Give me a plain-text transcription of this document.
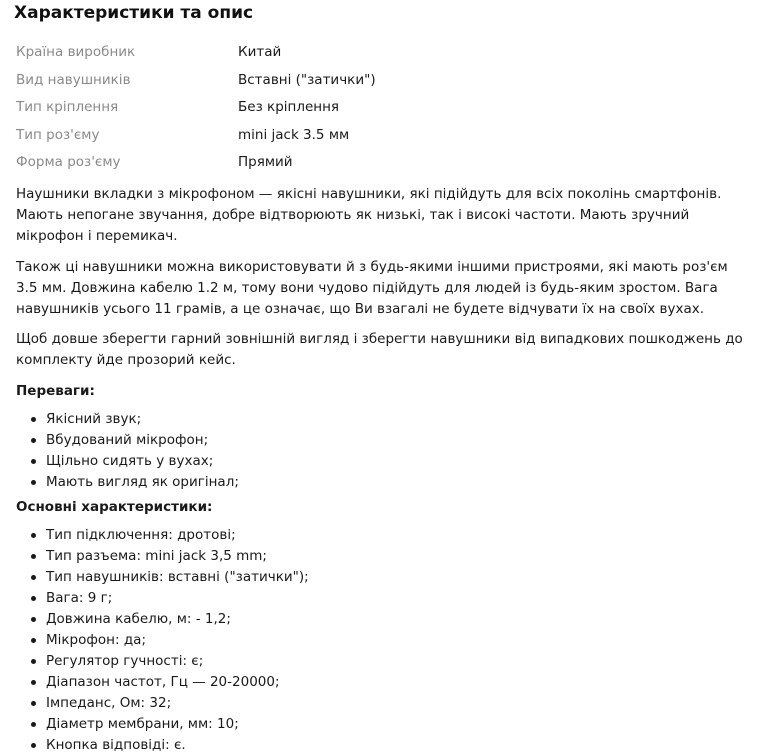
Характеристики та опис
Країна виробник	Китай
Вид навушників	Вставні ("затички")
Тип кріплення	Без кріплення
Тип роз'єму	mini jack 3.5 мм
Форма роз'єму	Прямий

Наушники вкладки з мікрофоном — якісні навушники, які підійдуть для всіх поколінь смартфонів. Мають непогане звучання, добре відтворюють як низькі, так і високі частоти. Мають зручний мікрофон і перемикач.

Також ці навушники можна використовувати й з будь-якими іншими пристроями, які мають роз'єм 3.5 мм. Довжина кабелю 1.2 м, тому вони чудово підійдуть для людей із будь-яким зростом. Вага навушників усього 11 грамів, а це означає, що Ви взагалі не будете відчувати їх на своїх вухах.

Щоб довше зберегти гарний зовнішній вигляд і зберегти навушники від випадкових пошкоджень до комплекту йде прозорий кейс.

Переваги:
Якісний звук;
Вбудований мікрофон;
Щільно сидять у вухах;
Мають вигляд як оригінал;
Основні характеристики:
Тип підключення: дротові;
Тип разъема: mini jack 3,5 mm;
Тип навушників: вставні ("затички");
Вага: 9 г;
Довжина кабелю, м: - 1,2;
Мікрофон: да;
Регулятор гучності: є;
Діапазон частот, Гц — 20-20000;
Імпеданс, Ом: 32;
Діаметр мембрани, мм: 10;
Кнопка відповіді: є.
